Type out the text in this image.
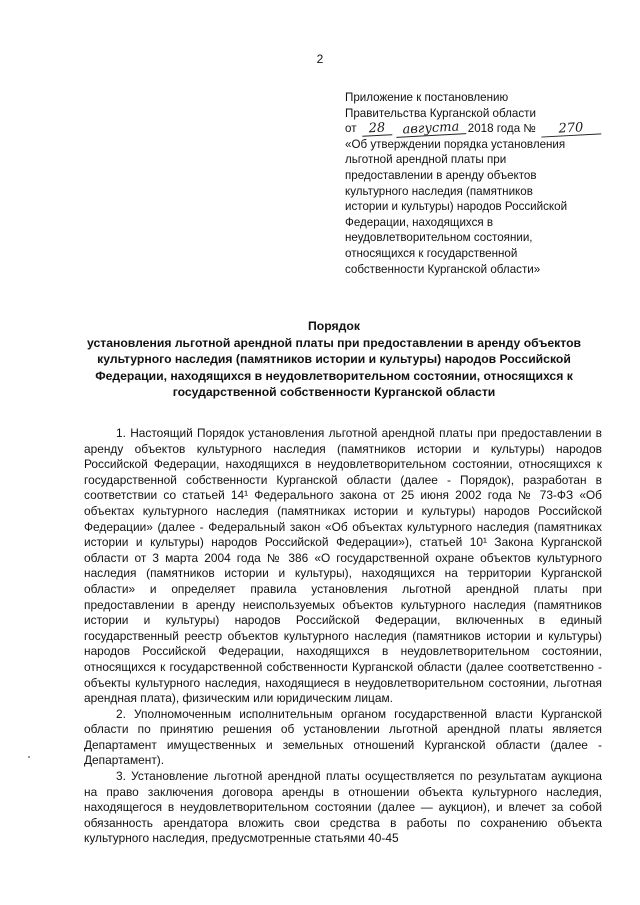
2
Приложение к постановлению
Правительства Курганской области
от 28 августа 2018 года № 270
«Об утверждении порядка установления
льготной арендной платы при
предоставлении в аренду объектов
культурного наследия (памятников
истории и культуры) народов Российской
Федерации, находящихся в
неудовлетворительном состоянии,
относящихся к государственной
собственности Курганской области»
Порядок
установления льготной арендной платы при предоставлении в аренду объектов культурного наследия (памятников истории и культуры) народов Российской Федерации, находящихся в неудовлетворительном состоянии, относящихся к государственной собственности Курганской области

1. Настоящий Порядок установления льготной арендной платы при предоставлении в аренду объектов культурного наследия (памятников истории и культуры) народов Российской Федерации, находящихся в неудовлетворительном состоянии, относящихся к государственной собственности Курганской области (далее - Порядок), разработан в соответствии со статьей 14¹ Федерального закона от 25 июня 2002 года № 73-ФЗ «Об объектах культурного наследия (памятниках истории и культуры) народов Российской Федерации» (далее - Федеральный закон «Об объектах культурного наследия (памятниках истории и культуры) народов Российской Федерации»), статьей 10¹ Закона Курганской области от 3 марта 2004 года № 386 «О государственной охране объектов культурного наследия (памятников истории и культуры), находящихся на территории Курганской области» и определяет правила установления льготной арендной платы при предоставлении в аренду неиспользуемых объектов культурного наследия (памятников истории и культуры) народов Российской Федерации, включенных в единый государственный реестр объектов культурного наследия (памятников истории и культуры) народов Российской Федерации, находящихся в неудовлетворительном состоянии, относящихся к государственной собственности Курганской области (далее соответственно - объекты культурного наследия, находящиеся в неудовлетворительном состоянии, льготная арендная плата), физическим или юридическим лицам.

2. Уполномоченным исполнительным органом государственной власти Курганской области по принятию решения об установлении льготной арендной платы является Департамент имущественных и земельных отношений Курганской области (далее - Департамент).

3. Установление льготной арендной платы осуществляется по результатам аукциона на право заключения договора аренды в отношении объекта культурного наследия, находящегося в неудовлетворительном состоянии (далее — аукцион), и влечет за собой обязанность арендатора вложить свои средства в работы по сохранению объекта культурного наследия, предусмотренные статьями 40-45
